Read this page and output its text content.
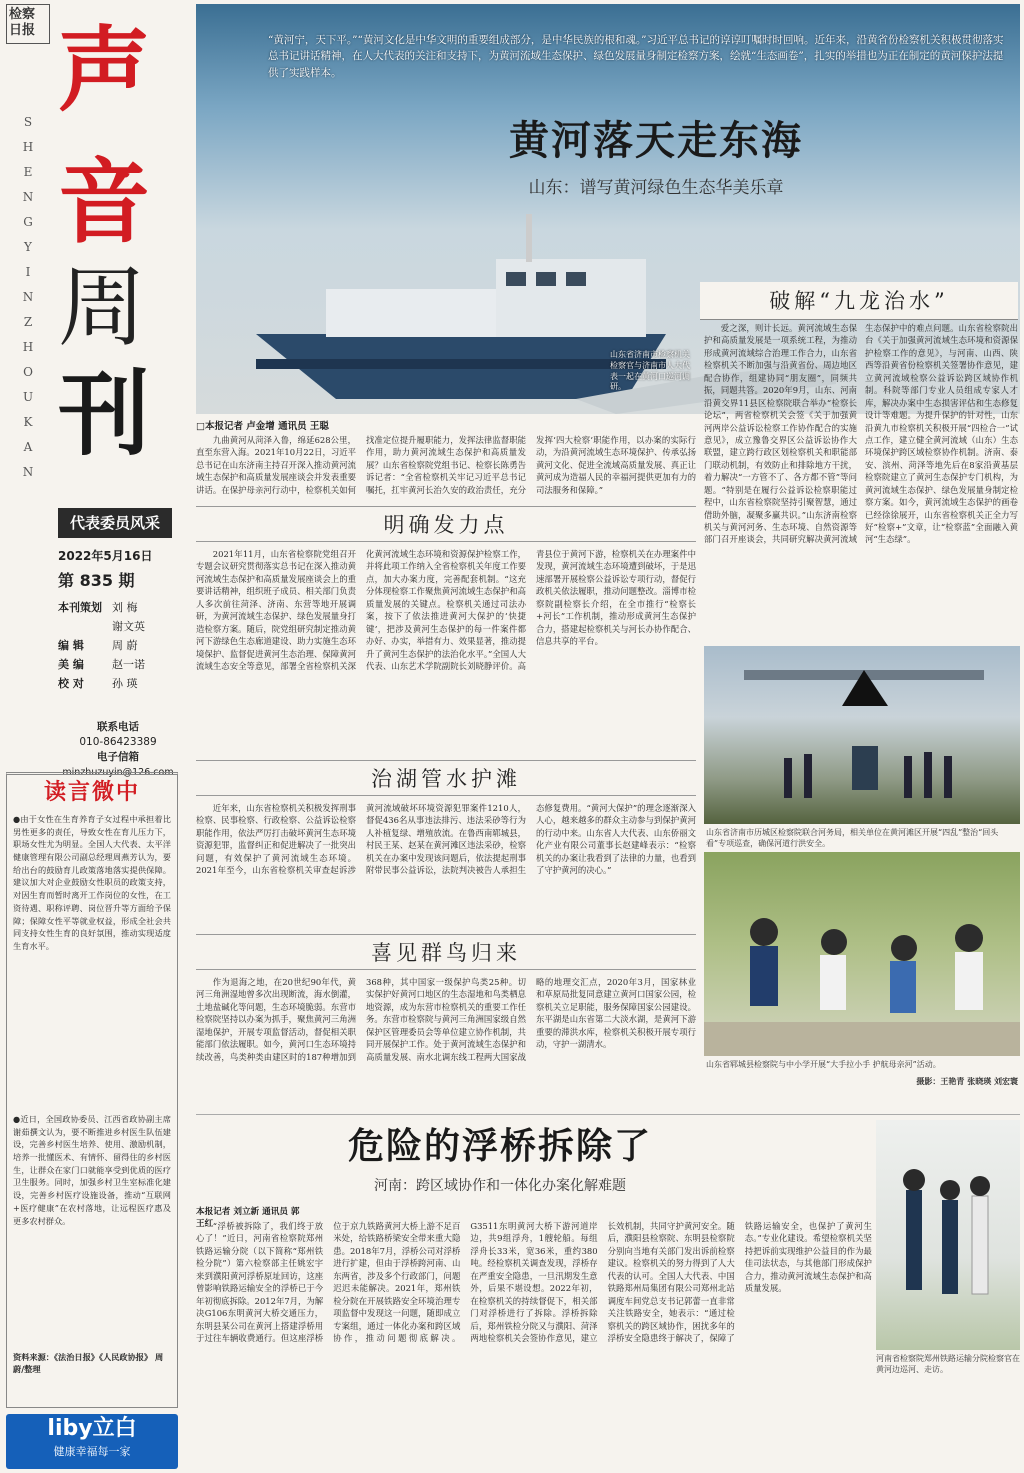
检察日报 声
音
周
刊
SHENGYINZHOUKAN
代表委员风采
2022年5月16日
第 835 期
本刊策划 刘 梅
谢文英
编 辑	周 蔚
美 编	赵一诺
校 对	孙 瑛
联系电话
010-86423389
电子信箱
minzhuzuyin@126.com
读言微中
●由于女性在生育养育子女过程中承担着比男性更多的责任，导致女性在育儿压力下，职场女性尤为明显。全国人大代表、太平洋健康管理有限公司副总经理周燕芳认为，要给出台的鼓励育儿政策落地落实提供保障。建议加大对企业鼓励女性职员的政策支持，对因生育而暂时离开工作岗位的女性，在工资待遇、职称评聘、岗位晋升等方面给予保障；保障女性平等就业权益，形成全社会共同支持女性生育的良好氛围，推动实现适度生育水平。
●近日，全国政协委员、江西省政协副主席谢茹撰文认为，要不断推进乡村医生队伍建设，完善乡村医生培养、使用、激励机制，培养一批懂医术、有情怀、留得住的乡村医生，让群众在家门口就能享受到优质的医疗卫生服务。同时，加强乡村卫生室标准化建设，完善乡村医疗设施设备，推动“互联网+医疗健康”在农村落地，让远程医疗惠及更多农村群众。
资料来源：《法治日报》《人民政协报》 周蔚/整理
liby立白
健康幸福每一家
“黄河宁，天下平。”“黄河文化是中华文明的重要组成部分，是中华民族的根和魂。”习近平总书记的谆谆叮嘱时时回响。近年来，沿黄省份检察机关积极贯彻落实总书记讲话精神，在人大代表的关注和支持下，为黄河流域生态保护、绿色发展量身制定检察方案，绘就“生态画卷”，扎实的举措也为正在制定的黄河保护法提供了实践样本。
黄河落天走东海
山东：谱写黄河绿色生态华美乐章
山东省济南市检察机关检察官与济南市人大代表一起在黄河口巡河调研。
破解“九龙治水”
爱之深，则计长远。黄河流域生态保护和高质量发展是一项系统工程，为推动形成黄河流域综合治理工作合力，山东省检察机关不断加强与沿黄省份、周边地区配合协作，组建协同“朋友圈”，同频共振，同题共答。2020年9月，山东、河南沿黄交界11县区检察院联合举办“检察长论坛”，两省检察机关会签《关于加强黄河两岸公益诉讼检察工作协作配合的实施意见》，成立豫鲁交界区公益诉讼协作大联盟，建立跨行政区划检察机关和职能部门联动机制，有效防止和排除地方干扰，着力解决“一方管不了、各方都不管”等问题。“特别是在履行公益诉讼检察职能过程中，山东省检察院坚持引聚智慧，通过借助外脑，凝聚多赢共识。”山东济南检察机关与黄河河务、生态环境、自然资源等部门召开座谈会，共同研究解决黄河流域生态保护中的难点问题。山东省检察院出台《关于加强黄河流域生态环境和资源保护检察工作的意见》，与河南、山西、陕西等沿黄省份检察机关签署协作意见，建立黄河流域检察公益诉讼跨区域协作机制。科院等部门专业人员组成专家人才库，解决办案中生态损害评估和生态修复设计等难题。为提升保护的针对性，山东沿黄九市检察机关积极开展“四检合一”试点工作，建立健全黄河流域（山东）生态环境保护跨区域检察协作机制。济南、泰安、滨州、菏泽等地先后在8家沿黄基层检察院建立了黄河生态保护专门机构，为黄河流域生态保护、绿色发展量身制定检察方案。如今，黄河流域生态保护的画卷已经徐徐展开，山东省检察机关正全力写好“检察+”文章，让“检察蓝”全面融入黄河“生态绿”。
□本报记者 卢金增 通讯员 王聪
九曲黄河从菏泽入鲁，绵延628公里，直至东营入海。2021年10月22日，习近平总书记在山东济南主持召开深入推动黄河流域生态保护和高质量发展座谈会并发表重要讲话。在保护母亲河行动中，检察机关如何找准定位提升履职能力，发挥法律监督职能作用，助力黄河流域生态保护和高质量发展？山东省检察院党组书记、检察长陈勇告诉记者：“全省检察机关牢记习近平总书记嘱托，扛牢黄河长治久安的政治责任，充分发挥‘四大检察’职能作用，以办案的实际行动，为沿黄河流域生态环境保护、传承弘扬黄河文化、促进全流域高质量发展、真正让黄河成为造福人民的幸福河提供更加有力的司法服务和保障。”
明确发力点
2021年11月，山东省检察院党组召开专题会议研究贯彻落实总书记在深入推动黄河流域生态保护和高质量发展座谈会上的重要讲话精神，组织班子成员、相关部门负责人多次前往菏泽、济南、东营等地开展调研，为黄河流域生态保护、绿色发展量身打造检察方案。随后，院党组研究制定推动黄河下游绿色生态廊道建设、助力实施生态环境保护、监督促进黄河生态治理、保障黄河流域生态安全等意见，部署全省检察机关深化黄河流域生态环境和资源保护检察工作，并将此项工作纳入全省检察机关年度工作要点，加大办案力度，完善配套机制。“这充分体现检察工作聚焦黄河流域生态保护和高质量发展的关键点。检察机关通过司法办案，按下了依法推进黄河大保护的‘快捷键’，把涉及黄河生态保护的每一件案件都办好、办实，举措有力、效果显著，推动提升了黄河生态保护的法治化水平。”全国人大代表、山东艺术学院副院长刘晓静评价。高青县位于黄河下游，检察机关在办理案件中发现，黄河流域生态环境遭到破坏，于是迅速部署开展检察公益诉讼专项行动，督促行政机关依法履职，推动问题整改。淄博市检察院副检察长介绍，在全市推行“检察长+河长”工作机制，推动形成黄河生态保护合力，搭建起检察机关与河长办协作配合、信息共享的平台。
治湖管水护滩
近年来，山东省检察机关积极发挥刑事检察、民事检察、行政检察、公益诉讼检察职能作用，依法严厉打击破坏黄河生态环境资源犯罪，监督纠正和促进解决了一批突出问题，有效保护了黄河流域生态环境。2021年至今，山东省检察机关审查起诉涉黄河流域破坏环境资源犯罪案件1210人，督促436名从事违法排污、违法采砂等行为人补植复绿、增殖放流。在鲁西南郓城县，村民王某、赵某在黄河滩区违法采砂，检察机关在办案中发现该问题后，依法提起刑事附带民事公益诉讼，法院判决被告人承担生态修复费用。“黄河大保护”的理念逐渐深入人心，越来越多的群众主动参与到保护黄河的行动中来。山东省人大代表、山东侨丽文化产业有限公司董事长赵建峰表示：“检察机关的办案让我看到了法律的力量，也看到了守护黄河的决心。”
喜见群鸟归来
作为退海之地，在20世纪90年代，黄河三角洲湿地曾多次出现断流，海水倒灌，土地盐碱化等问题，生态环境脆弱。东营市检察院坚持以办案为抓手，聚焦黄河三角洲湿地保护，开展专项监督活动，督促相关职能部门依法履职。如今，黄河口生态环境持续改善，鸟类种类由建区时的187种增加到368种，其中国家一级保护鸟类25种。切实保护好黄河口地区的生态湿地和鸟类栖息地资源，成为东营市检察机关的重要工作任务。东营市检察院与黄河三角洲国家级自然保护区管理委员会等单位建立协作机制，共同开展保护工作。处于黄河流域生态保护和高质量发展、南水北调东线工程两大国家战略的地理交汇点，2020年3月，国家林业和草原局批复同意建立黄河口国家公园，检察机关立足职能，服务保障国家公园建设。东平湖是山东省第二大淡水湖，是黄河下游重要的滞洪水库，检察机关积极开展专项行动，守护一湖清水。
山东省济南市历城区检察院联合河务局，相关单位在黄河滩区开展“四乱”整治“回头看”专项巡查，确保河道行洪安全。
山东省郓城县检察院与中小学开展“大手拉小手 护航母亲河”活动。
摄影：王艳青 张晓瑛 刘宏寰
危险的浮桥拆除了
河南：跨区域协作和一体化办案化解难题
本报记者 刘立新 通讯员 郭王红 “浮桥被拆除了，我们终于放心了！”近日，河南省检察院郑州铁路运输分院（以下简称“郑州铁检分院”）第六检察部主任姚宏宇来到濮阳黄河浮桥原址回访，这座曾影响铁路运输安全的浮桥已于今年初彻底拆除。2012年7月，为解决G106东明黄河大桥交通压力，东明县某公司在黄河上搭建浮桥用于过往车辆收费通行。但这座浮桥位于京九铁路黄河大桥上游不足百米处，给铁路桥梁安全带来重大隐患。2018年7月，浮桥公司对浮桥进行扩建，但由于浮桥跨河南、山东两省，涉及多个行政部门，问题迟迟未能解决。2021年，郑州铁检分院在开展铁路安全环境治理专项监督中发现这一问题，随即成立专案组，通过一体化办案和跨区域协作，推动问题彻底解决。G3511东明黄河大桥下游河道岸边，共9组浮舟，1艘轮船。每组浮舟长33米，宽36米，重约380吨。经检察机关调查发现，浮桥存在严重安全隐患，一旦汛期发生意外，后果不堪设想。2022年初，在检察机关的持续督促下，相关部门对浮桥进行了拆除。浮桥拆除后，郑州铁检分院又与濮阳、菏泽两地检察机关会签协作意见，建立长效机制，共同守护黄河安全。随后，濮阳县检察院、东明县检察院分别向当地有关部门发出诉前检察建议。检察机关的努力得到了人大代表的认可。全国人大代表、中国铁路郑州局集团有限公司郑州北站调度车间党总支书记郭蕾一直非常关注铁路安全，她表示：“通过检察机关的跨区域协作，困扰多年的浮桥安全隐患终于解决了，保障了铁路运输安全，也保护了黄河生态。”专业化建设。希望检察机关坚持把诉前实现维护公益目的作为最佳司法状态，与其他部门形成保护合力，推动黄河流域生态保护和高质量发展。
河南省检察院郑州铁路运输分院检察官在黄河边巡河、走访。
